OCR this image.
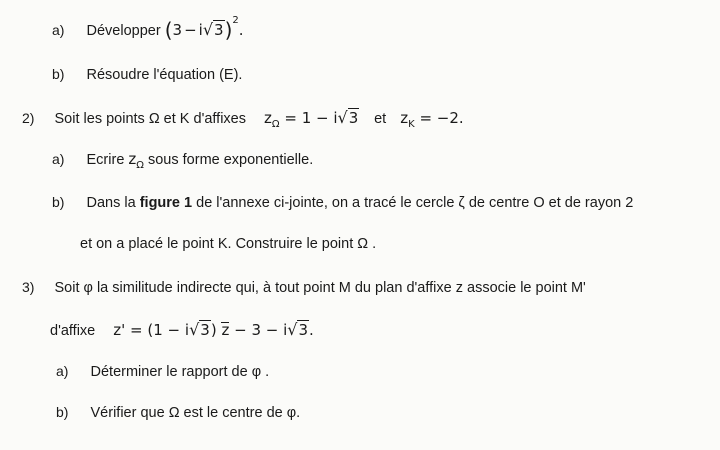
a) Développer $(3 - i√3)^2$.
b) Résoudre l'équation (E).
2) Soit les points Ω et K d'affixes $z_\Omega = 1 - i√3$ et $z_K = -2$.
a) Ecrire $z_\Omega$ sous forme exponentielle.
b) Dans la figure 1 de l'annexe ci-jointe, on a tracé le cercle ζ de centre O et de rayon 2
et on a placé le point K. Construire le point Ω .
3) Soit φ la similitude indirecte qui, à tout point M du plan d'affixe z associe le point M'
d'affixe z' = (1 − i√3) z − 3 − i√3.
a) Déterminer le rapport de φ .
b) Vérifier que Ω est le centre de φ.
